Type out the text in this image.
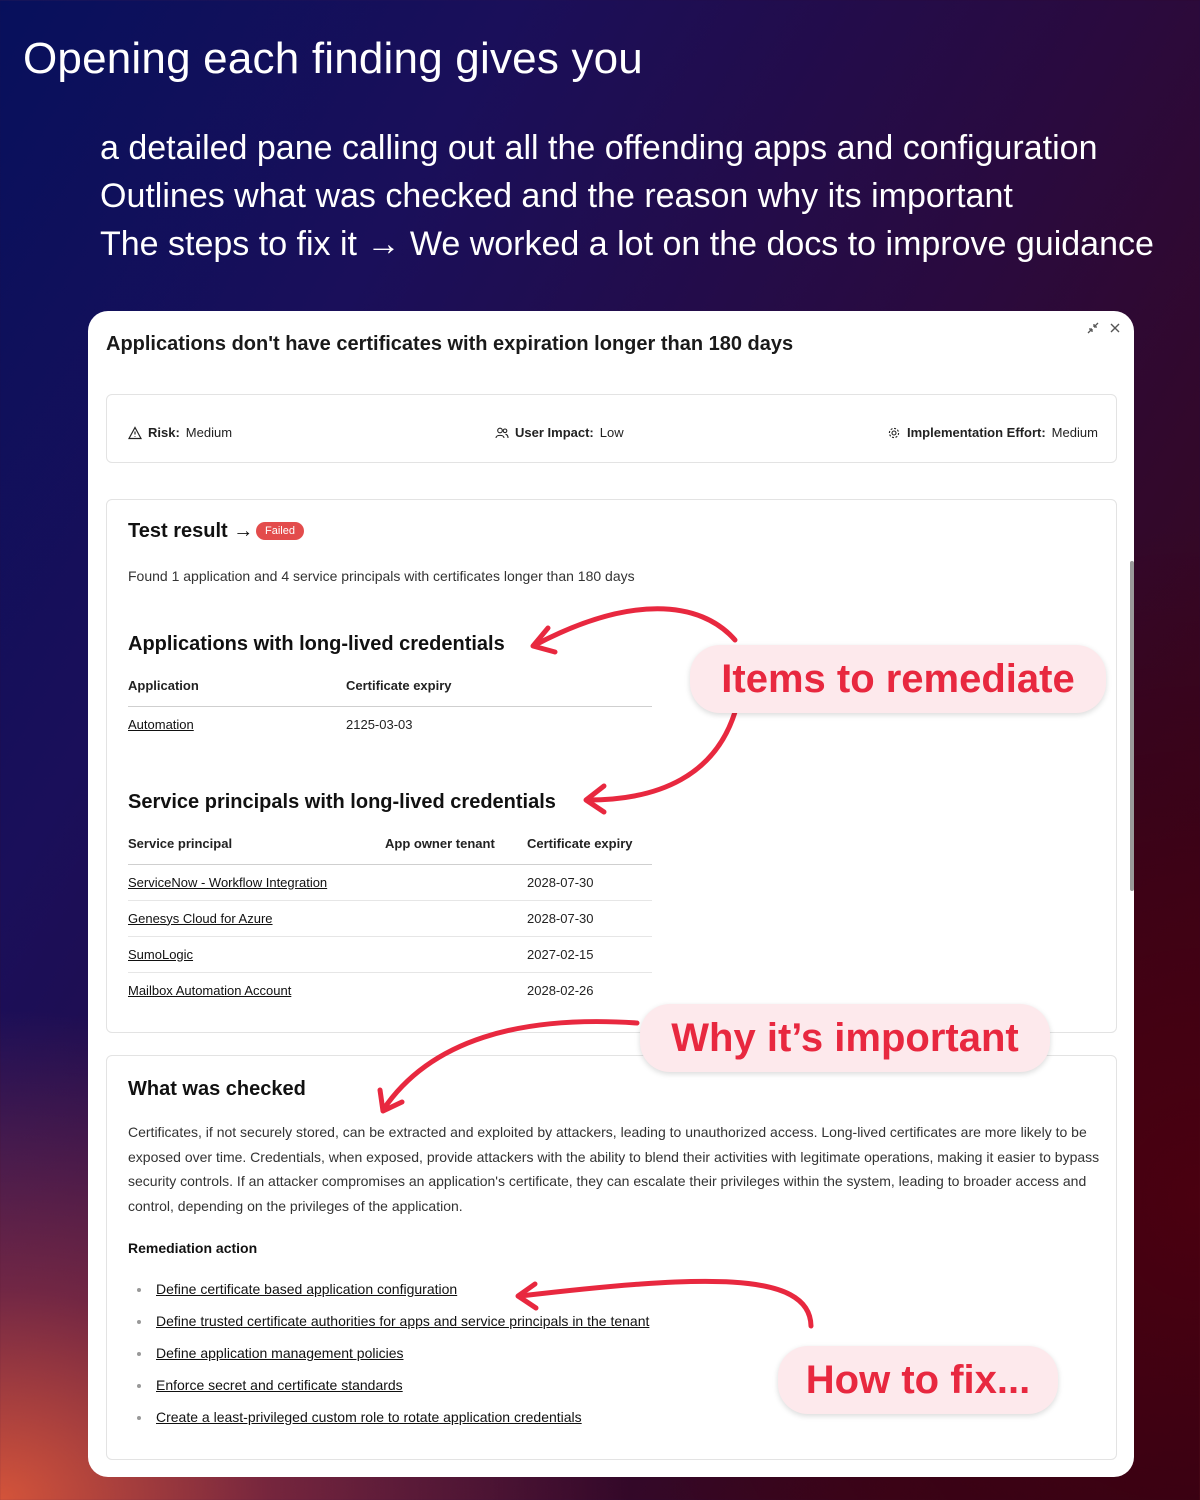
Opening each finding gives you
a detailed pane calling out all the offending apps and configuration
Outlines what was checked and the reason why its important
The steps to fix it → We worked a lot on the docs to improve guidance
Applications don't have certificates with expiration longer than 180 days
Risk: Medium	User Impact: Low	Implementation Effort: Medium
Test result →	Failed
Found 1 application and 4 service principals with certificates longer than 180 days
Applications with long-lived credentials
Application	Certificate expiry
Automation	2125-03-03
Service principals with long-lived credentials
Service principal	App owner tenant	Certificate expiry
ServiceNow - Workflow Integration		2028-07-30
Genesys Cloud for Azure		2028-07-30
SumoLogic		2027-02-15
Mailbox Automation Account		2028-02-26
What was checked
Certificates, if not securely stored, can be extracted and exploited by attackers, leading to unauthorized access. Long-lived certificates are more likely to be exposed over time. Credentials, when exposed, provide attackers with the ability to blend their activities with legitimate operations, making it easier to bypass security controls. If an attacker compromises an application's certificate, they can escalate their privileges within the system, leading to broader access and control, depending on the privileges of the application.
Remediation action
Define certificate based application configuration
Define trusted certificate authorities for apps and service principals in the tenant
Define application management policies
Enforce secret and certificate standards
Create a least-privileged custom role to rotate application credentials
Items to remediate
Why it’s important
How to fix...
